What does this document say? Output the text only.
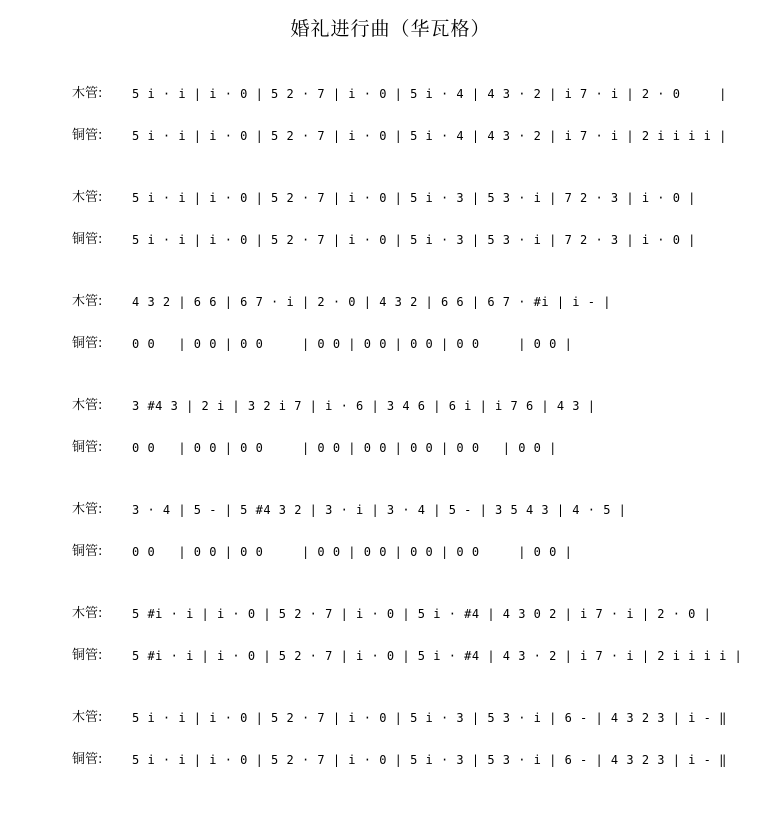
婚礼进行曲（华瓦格）
木管: 5 i · i | i · 0 | 5 2 · 7 | i · 0 | 5 i · 4 | 4 3 · 2 | i 7 · i | 2 · 0     |
铜管: 5 i · i | i · 0 | 5 2 · 7 | i · 0 | 5 i · 4 | 4 3 · 2 | i 7 · i | 2 i i i i |
木管: 5 i · i | i · 0 | 5 2 · 7 | i · 0 | 5 i · 3 | 5 3 · i | 7 2 · 3 | i · 0 |
铜管: 5 i · i | i · 0 | 5 2 · 7 | i · 0 | 5 i · 3 | 5 3 · i | 7 2 · 3 | i · 0 |
木管: 4 3 2 | 6 6 | 6 7 · i | 2 · 0 | 4 3 2 | 6 6 | 6 7 · #i | i - |
铜管: 0 0   | 0 0 | 0 0     | 0 0 | 0 0 | 0 0 | 0 0     | 0 0 |
木管: 3 #4 3 | 2 i | 3 2 i 7 | i · 6 | 3 4 6 | 6 i | i 7 6 | 4 3 |
铜管: 0 0   | 0 0 | 0 0     | 0 0 | 0 0 | 0 0 | 0 0   | 0 0 |
木管: 3 · 4 | 5 - | 5 #4 3 2 | 3 · i | 3 · 4 | 5 - | 3 5 4 3 | 4 · 5 |
铜管: 0 0   | 0 0 | 0 0     | 0 0 | 0 0 | 0 0 | 0 0     | 0 0 |
木管: 5 #i · i | i · 0 | 5 2 · 7 | i · 0 | 5 i · #4 | 4 3 0 2 | i 7 · i | 2 · 0 |
铜管: 5 #i · i | i · 0 | 5 2 · 7 | i · 0 | 5 i · #4 | 4 3 · 2 | i 7 · i | 2 i i i i |
木管: 5 i · i | i · 0 | 5 2 · 7 | i · 0 | 5 i · 3 | 5 3 · i | 6 - | 4 3 2 3 | i - ‖
铜管: 5 i · i | i · 0 | 5 2 · 7 | i · 0 | 5 i · 3 | 5 3 · i | 6 - | 4 3 2 3 | i - ‖
